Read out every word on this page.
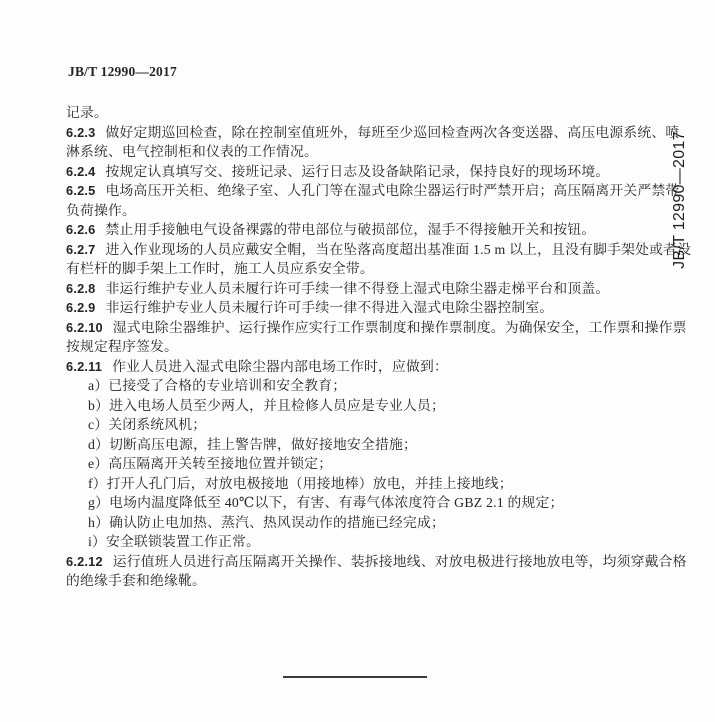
JB/T 12990—2017
JB/T 12990—2017
记录。
6.2.3 做好定期巡回检查，除在控制室值班外，每班至少巡回检查两次各变送器、高压电源系统、喷
淋系统、电气控制柜和仪表的工作情况。
6.2.4 按规定认真填写交、接班记录、运行日志及设备缺陷记录，保持良好的现场环境。
6.2.5 电场高压开关柜、绝缘子室、人孔门等在湿式电除尘器运行时严禁开启；高压隔离开关严禁带
负荷操作。
6.2.6 禁止用手接触电气设备裸露的带电部位与破损部位，湿手不得接触开关和按钮。
6.2.7 进入作业现场的人员应戴安全帽，当在坠落高度超出基准面 1.5 m 以上，且没有脚手架处或者没
有栏杆的脚手架上工作时，施工人员应系安全带。
6.2.8 非运行维护专业人员未履行许可手续一律不得登上湿式电除尘器走梯平台和顶盖。
6.2.9 非运行维护专业人员未履行许可手续一律不得进入湿式电除尘器控制室。
6.2.10 湿式电除尘器维护、运行操作应实行工作票制度和操作票制度。为确保安全，工作票和操作票
按规定程序签发。
6.2.11 作业人员进入湿式电除尘器内部电场工作时，应做到：
a）已接受了合格的专业培训和安全教育；
b）进入电场人员至少两人，并且检修人员应是专业人员；
c）关闭系统风机；
d）切断高压电源，挂上警告牌，做好接地安全措施；
e）高压隔离开关转至接地位置并锁定；
f）打开人孔门后，对放电极接地（用接地棒）放电，并挂上接地线；
g）电场内温度降低至 40℃以下，有害、有毒气体浓度符合 GBZ 2.1 的规定；
h）确认防止电加热、蒸汽、热风误动作的措施已经完成；
i）安全联锁装置工作正常。
6.2.12 运行值班人员进行高压隔离开关操作、装拆接地线、对放电极进行接地放电等，均须穿戴合格
的绝缘手套和绝缘靴。
